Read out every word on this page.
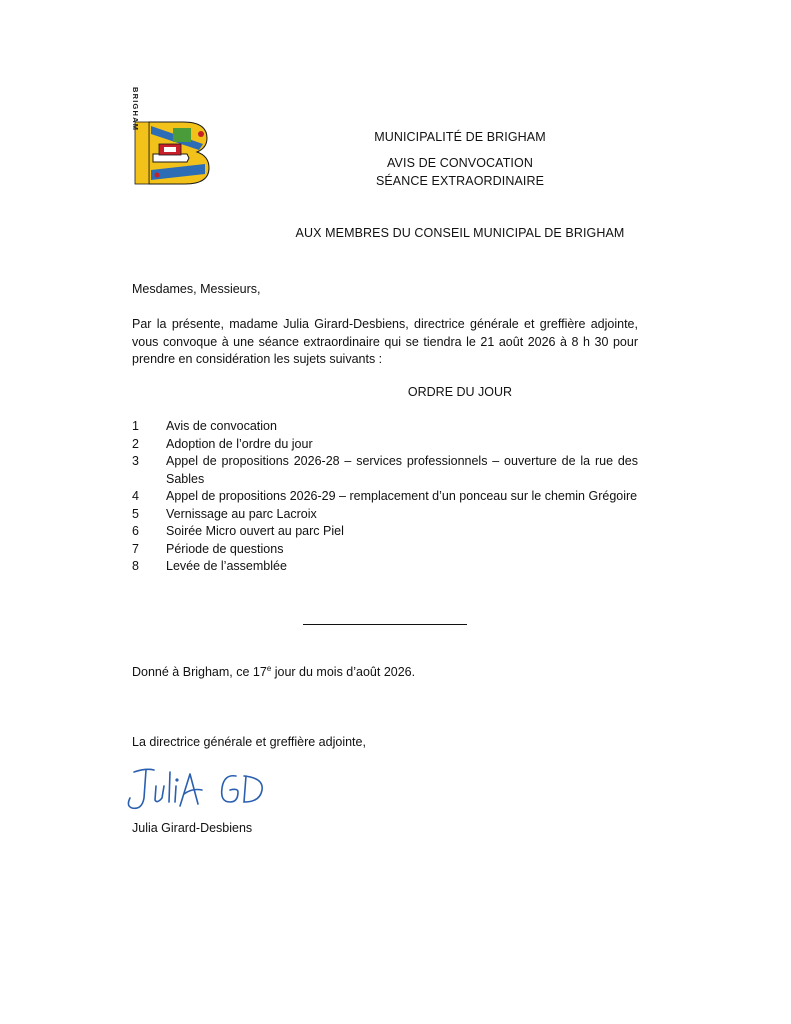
BRIGHAM
MUNICIPALITÉ DE BRIGHAM
AVIS DE CONVOCATION
SÉANCE EXTRAORDINAIRE
AUX MEMBRES DU CONSEIL MUNICIPAL DE BRIGHAM
Mesdames, Messieurs,
Par la présente, madame Julia Girard-Desbiens, directrice générale et greffière adjointe,
vous convoque à une séance extraordinaire qui se tiendra le 21 août 2026 à 8 h 30 pour
prendre en considération les sujets suivants :
ORDRE DU JOUR
1	Avis de convocation
2	Adoption de l’ordre du jour
3	Appel de propositions 2026-28 – services professionnels – ouverture de la rue des Sables
4	Appel de propositions 2026-29 – remplacement d’un ponceau sur le chemin Grégoire
5	Vernissage au parc Lacroix
6	Soirée Micro ouvert au parc Piel
7	Période de questions
8	Levée de l’assemblée
Donné à Brigham, ce 17e jour du mois d’août 2026.
La directrice générale et greffière adjointe,
Julia Girard-Desbiens
